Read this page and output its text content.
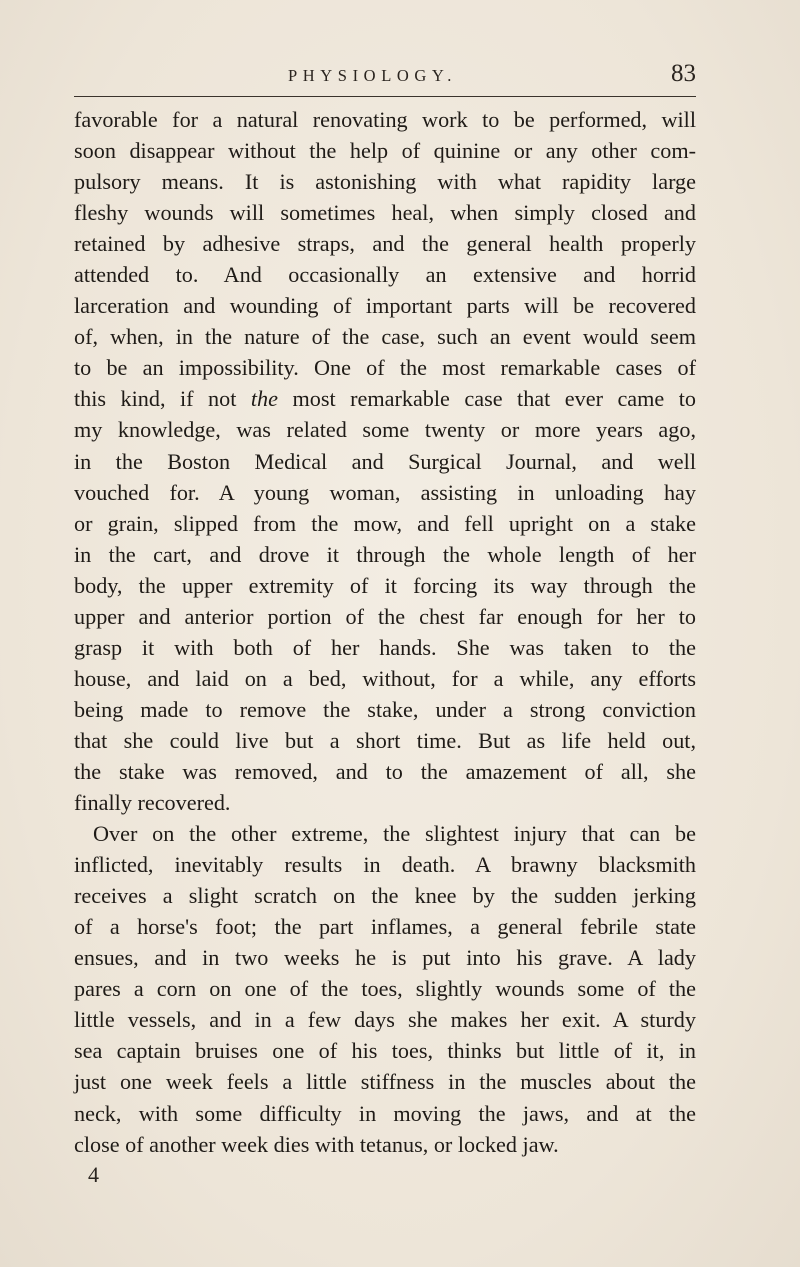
PHYSIOLOGY.	83
favorable for a natural renovating work to be performed, will
soon disappear without the help of quinine or any other com-
pulsory means. It is astonishing with what rapidity large
fleshy wounds will sometimes heal, when simply closed and
retained by adhesive straps, and the general health properly
attended to. And occasionally an extensive and horrid
larceration and wounding of important parts will be recovered
of, when, in the nature of the case, such an event would seem
to be an impossibility. One of the most remarkable cases of
this kind, if not the most remarkable case that ever came to
my knowledge, was related some twenty or more years ago,
in the Boston Medical and Surgical Journal, and well
vouched for. A young woman, assisting in unloading hay
or grain, slipped from the mow, and fell upright on a stake
in the cart, and drove it through the whole length of her
body, the upper extremity of it forcing its way through the
upper and anterior portion of the chest far enough for her to
grasp it with both of her hands. She was taken to the
house, and laid on a bed, without, for a while, any efforts
being made to remove the stake, under a strong conviction
that she could live but a short time. But as life held out,
the stake was removed, and to the amazement of all, she
finally recovered.
Over on the other extreme, the slightest injury that can be
inflicted, inevitably results in death. A brawny blacksmith
receives a slight scratch on the knee by the sudden jerking
of a horse's foot; the part inflames, a general febrile state
ensues, and in two weeks he is put into his grave. A lady
pares a corn on one of the toes, slightly wounds some of the
little vessels, and in a few days she makes her exit. A sturdy
sea captain bruises one of his toes, thinks but little of it, in
just one week feels a little stiffness in the muscles about the
neck, with some difficulty in moving the jaws, and at the
close of another week dies with tetanus, or locked jaw.
4
